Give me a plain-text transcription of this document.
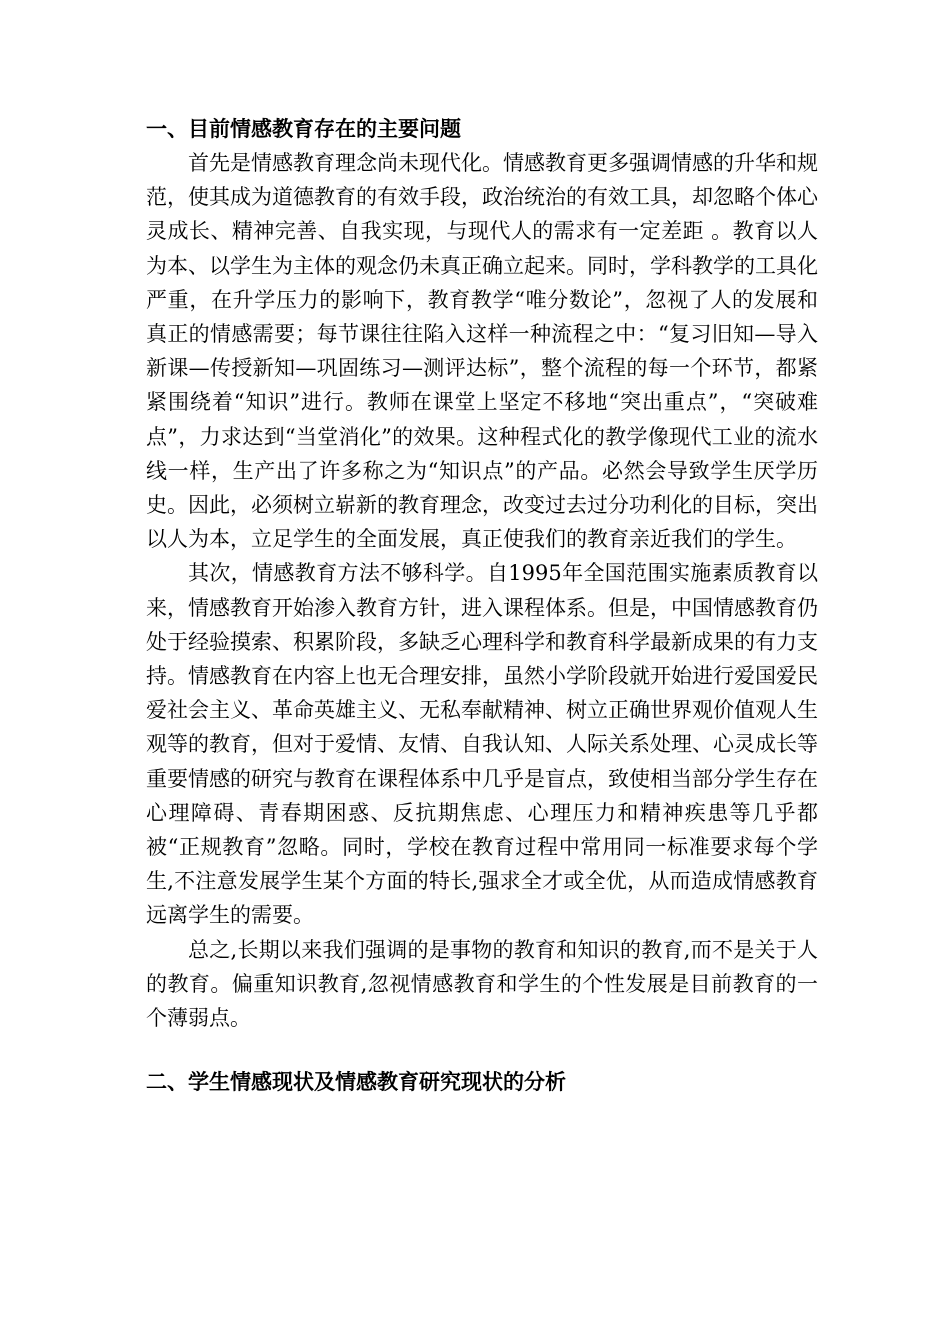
一、目前情感教育存在的主要问题

首先是情感教育理念尚未现代化。情感教育更多强调情感的升华和规范，使其成为道德教育的有效手段，政治统治的有效工具，却忽略个体心灵成长、精神完善、自我实现，与现代人的需求有一定差距 。教育以人为本、以学生为主体的观念仍未真正确立起来。同时，学科教学的工具化严重，在升学压力的影响下，教育教学“唯分数论”，忽视了人的发展和真正的情感需要；每节课往往陷入这样一种流程之中：“复习旧知—导入新课—传授新知—巩固练习—测评达标”，整个流程的每一个环节，都紧紧围绕着“知识”进行。教师在课堂上坚定不移地“突出重点”，“突破难点”，力求达到“当堂消化”的效果。这种程式化的教学像现代工业的流水线一样，生产出了许多称之为“知识点”的产品。必然会导致学生厌学历史。因此，必须树立崭新的教育理念，改变过去过分功利化的目标，突出以人为本，立足学生的全面发展，真正使我们的教育亲近我们的学生。

其次，情感教育方法不够科学。自1995年全国范围实施素质教育以来，情感教育开始渗入教育方针，进入课程体系。但是，中国情感教育仍处于经验摸索、积累阶段，多缺乏心理科学和教育科学最新成果的有力支持。情感教育在内容上也无合理安排，虽然小学阶段就开始进行爱国爱民爱社会主义、革命英雄主义、无私奉献精神、树立正确世界观价值观人生观等的教育，但对于爱情、友情、自我认知、人际关系处理、心灵成长等重要情感的研究与教育在课程体系中几乎是盲点，致使相当部分学生存在心理障碍、青春期困惑、反抗期焦虑、心理压力和精神疾患等几乎都被“正规教育”忽略。同时，学校在教育过程中常用同一标准要求每个学生,不注意发展学生某个方面的特长,强求全才或全优，从而造成情感教育远离学生的需要。

总之,长期以来我们强调的是事物的教育和知识的教育,而不是关于人的教育。偏重知识教育,忽视情感教育和学生的个性发展是目前教育的一个薄弱点。

二、学生情感现状及情感教育研究现状的分析
